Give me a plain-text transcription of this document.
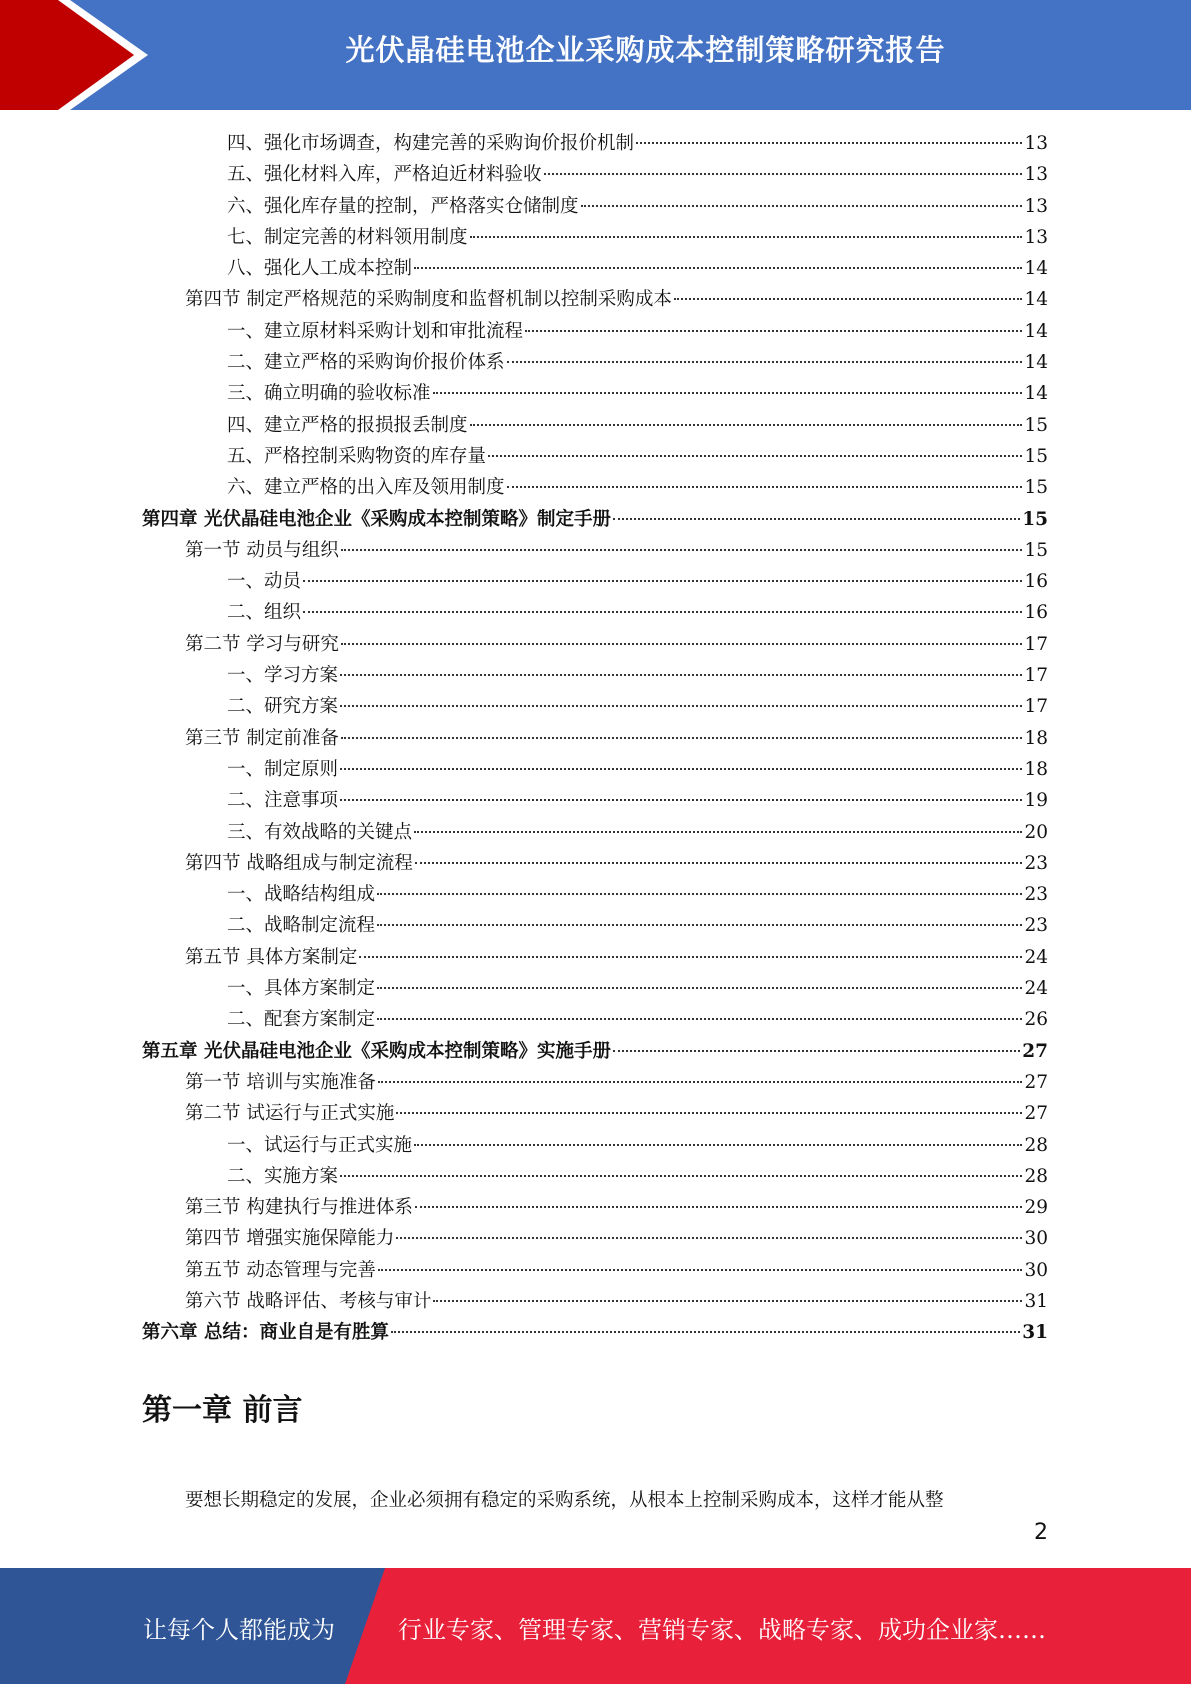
光伏晶硅电池企业采购成本控制策略研究报告
四、强化市场调查，构建完善的采购询价报价机制	13
五、强化材料入库，严格迫近材料验收	13
六、强化库存量的控制，严格落实仓储制度	13
七、制定完善的材料领用制度	13
八、强化人工成本控制	14
第四节 制定严格规范的采购制度和监督机制以控制采购成本	14
一、建立原材料采购计划和审批流程	14
二、建立严格的采购询价报价体系	14
三、确立明确的验收标准	14
四、建立严格的报损报丢制度	15
五、严格控制采购物资的库存量	15
六、建立严格的出入库及领用制度	15
第四章 光伏晶硅电池企业《采购成本控制策略》制定手册	15
第一节 动员与组织	15
一、动员	16
二、组织	16
第二节 学习与研究	17
一、学习方案	17
二、研究方案	17
第三节 制定前准备	18
一、制定原则	18
二、注意事项	19
三、有效战略的关键点	20
第四节 战略组成与制定流程	23
一、战略结构组成	23
二、战略制定流程	23
第五节 具体方案制定	24
一、具体方案制定	24
二、配套方案制定	26
第五章 光伏晶硅电池企业《采购成本控制策略》实施手册	27
第一节 培训与实施准备	27
第二节 试运行与正式实施	27
一、试运行与正式实施	28
二、实施方案	28
第三节 构建执行与推进体系	29
第四节 增强实施保障能力	30
第五节 动态管理与完善	30
第六节 战略评估、考核与审计	31
第六章 总结：商业自是有胜算	31
第一章 前言
要想长期稳定的发展，企业必须拥有稳定的采购系统，从根本上控制采购成本，这样才能从整
2
让每个人都能成为	行业专家、管理专家、营销专家、战略专家、成功企业家……
